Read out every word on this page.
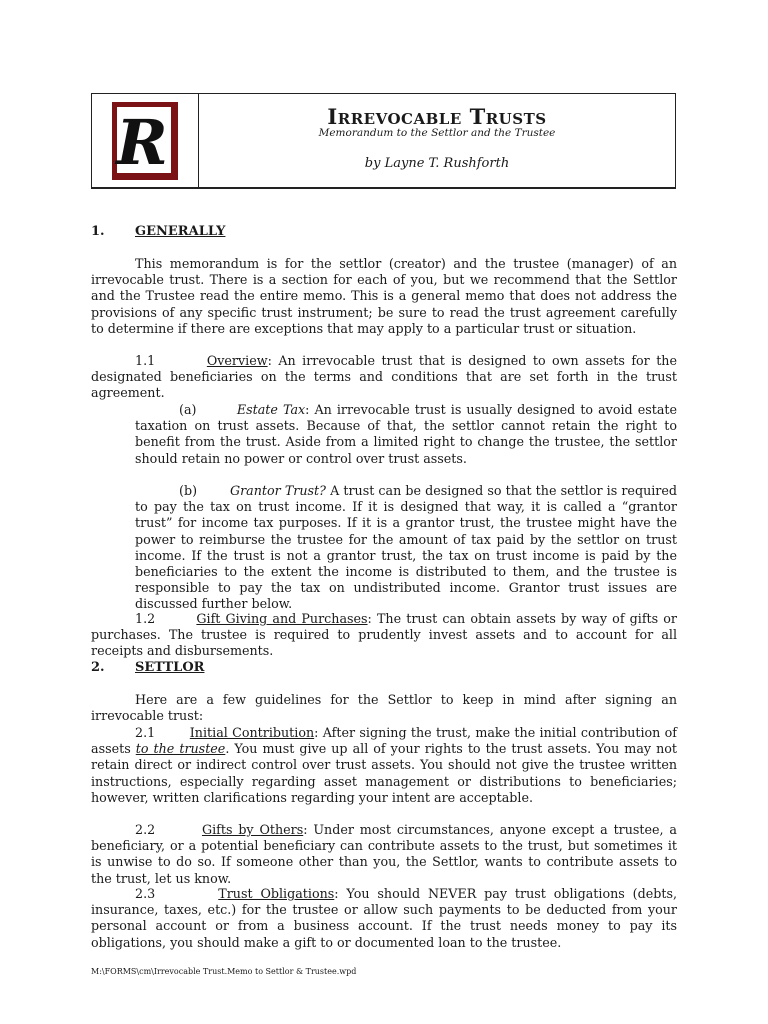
R	Irrevocable Trusts
Memorandum to the Settlor and the Trustee
by Layne T. Rushforth
1. GENERALLY
This memorandum is for the settlor (creator) and the trustee (manager) of an irrevocable trust. There is a section for each of you, but we recommend that the Settlor and the Trustee read the entire memo. This is a general memo that does not address the provisions of any specific trust instrument; be sure to read the trust agreement carefully to determine if there are exceptions that may apply to a particular trust or situation.
1.1	Overview: An irrevocable trust that is designed to own assets for the designated beneficiaries on the terms and conditions that are set forth in the trust agreement.
(a)	Estate Tax: An irrevocable trust is usually designed to avoid estate taxation on trust assets. Because of that, the settlor cannot retain the right to benefit from the trust. Aside from a limited right to change the trustee, the settlor should retain no power or control over trust assets.
(b)	Grantor Trust? A trust can be designed so that the settlor is required to pay the tax on trust income. If it is designed that way, it is called a “grantor trust” for income tax purposes. If it is a grantor trust, the trustee might have the power to reimburse the trustee for the amount of tax paid by the settlor on trust income. If the trust is not a grantor trust, the tax on trust income is paid by the beneficiaries to the extent the income is distributed to them, and the trustee is responsible to pay the tax on undistributed income. Grantor trust issues are discussed further below.
1.2	Gift Giving and Purchases: The trust can obtain assets by way of gifts or purchases. The trustee is required to prudently invest assets and to account for all receipts and disbursements.
2. SETTLOR
Here are a few guidelines for the Settlor to keep in mind after signing an irrevocable trust:
2.1	Initial Contribution: After signing the trust, make the initial contribution of assets to the trustee. You must give up all of your rights to the trust assets. You may not retain direct or indirect control over trust assets. You should not give the trustee written instructions, especially regarding asset management or distributions to beneficiaries; however, written clarifications regarding your intent are acceptable.
2.2	Gifts by Others: Under most circumstances, anyone except a trustee, a beneficiary, or a potential beneficiary can contribute assets to the trust, but sometimes it is unwise to do so. If someone other than you, the Settlor, wants to contribute assets to the trust, let us know.
2.3	Trust Obligations: You should NEVER pay trust obligations (debts, insurance, taxes, etc.) for the trustee or allow such payments to be deducted from your personal account or from a business account. If the trust needs money to pay its obligations, you should make a gift to or documented loan to the trustee.
M:\FORMS\cm\Irrevocable Trust.Memo to Settlor & Trustee.wpd
